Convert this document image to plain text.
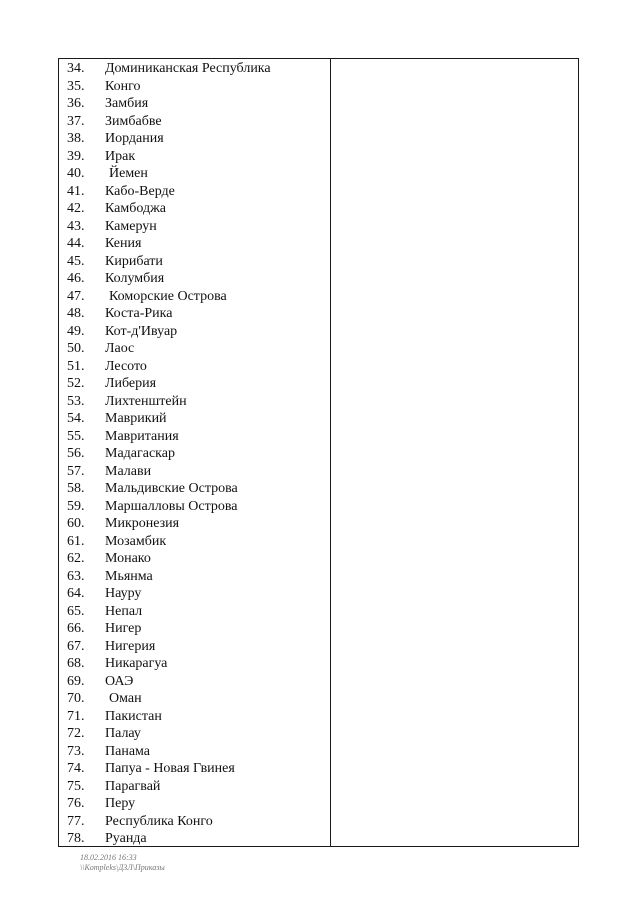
34. Доминиканская Республика
35. Конго
36. Замбия
37. Зимбабве
38. Иордания
39. Ирак
40. Йемен
41. Кабо-Верде
42. Камбоджа
43. Камерун
44. Кения
45. Кирибати
46. Колумбия
47. Коморские Острова
48. Коста-Рика
49. Кот-д'Ивуар
50. Лаос
51. Лесото
52. Либерия
53. Лихтенштейн
54. Маврикий
55. Мавритания
56. Мадагаскар
57. Малави
58. Мальдивские Острова
59. Маршалловы Острова
60. Микронезия
61. Мозамбик
62. Монако
63. Мьянма
64. Науру
65. Непал
66. Нигер
67. Нигерия
68. Никарагуа
69. ОАЭ
70. Оман
71. Пакистан
72. Палау
73. Панама
74. Папуа - Новая Гвинея
75. Парагвай
76. Перу
77. Республика Конго
78. Руанда
18.02.2016 16:33
\\Kompleks\ДЗЛ\Приказы
